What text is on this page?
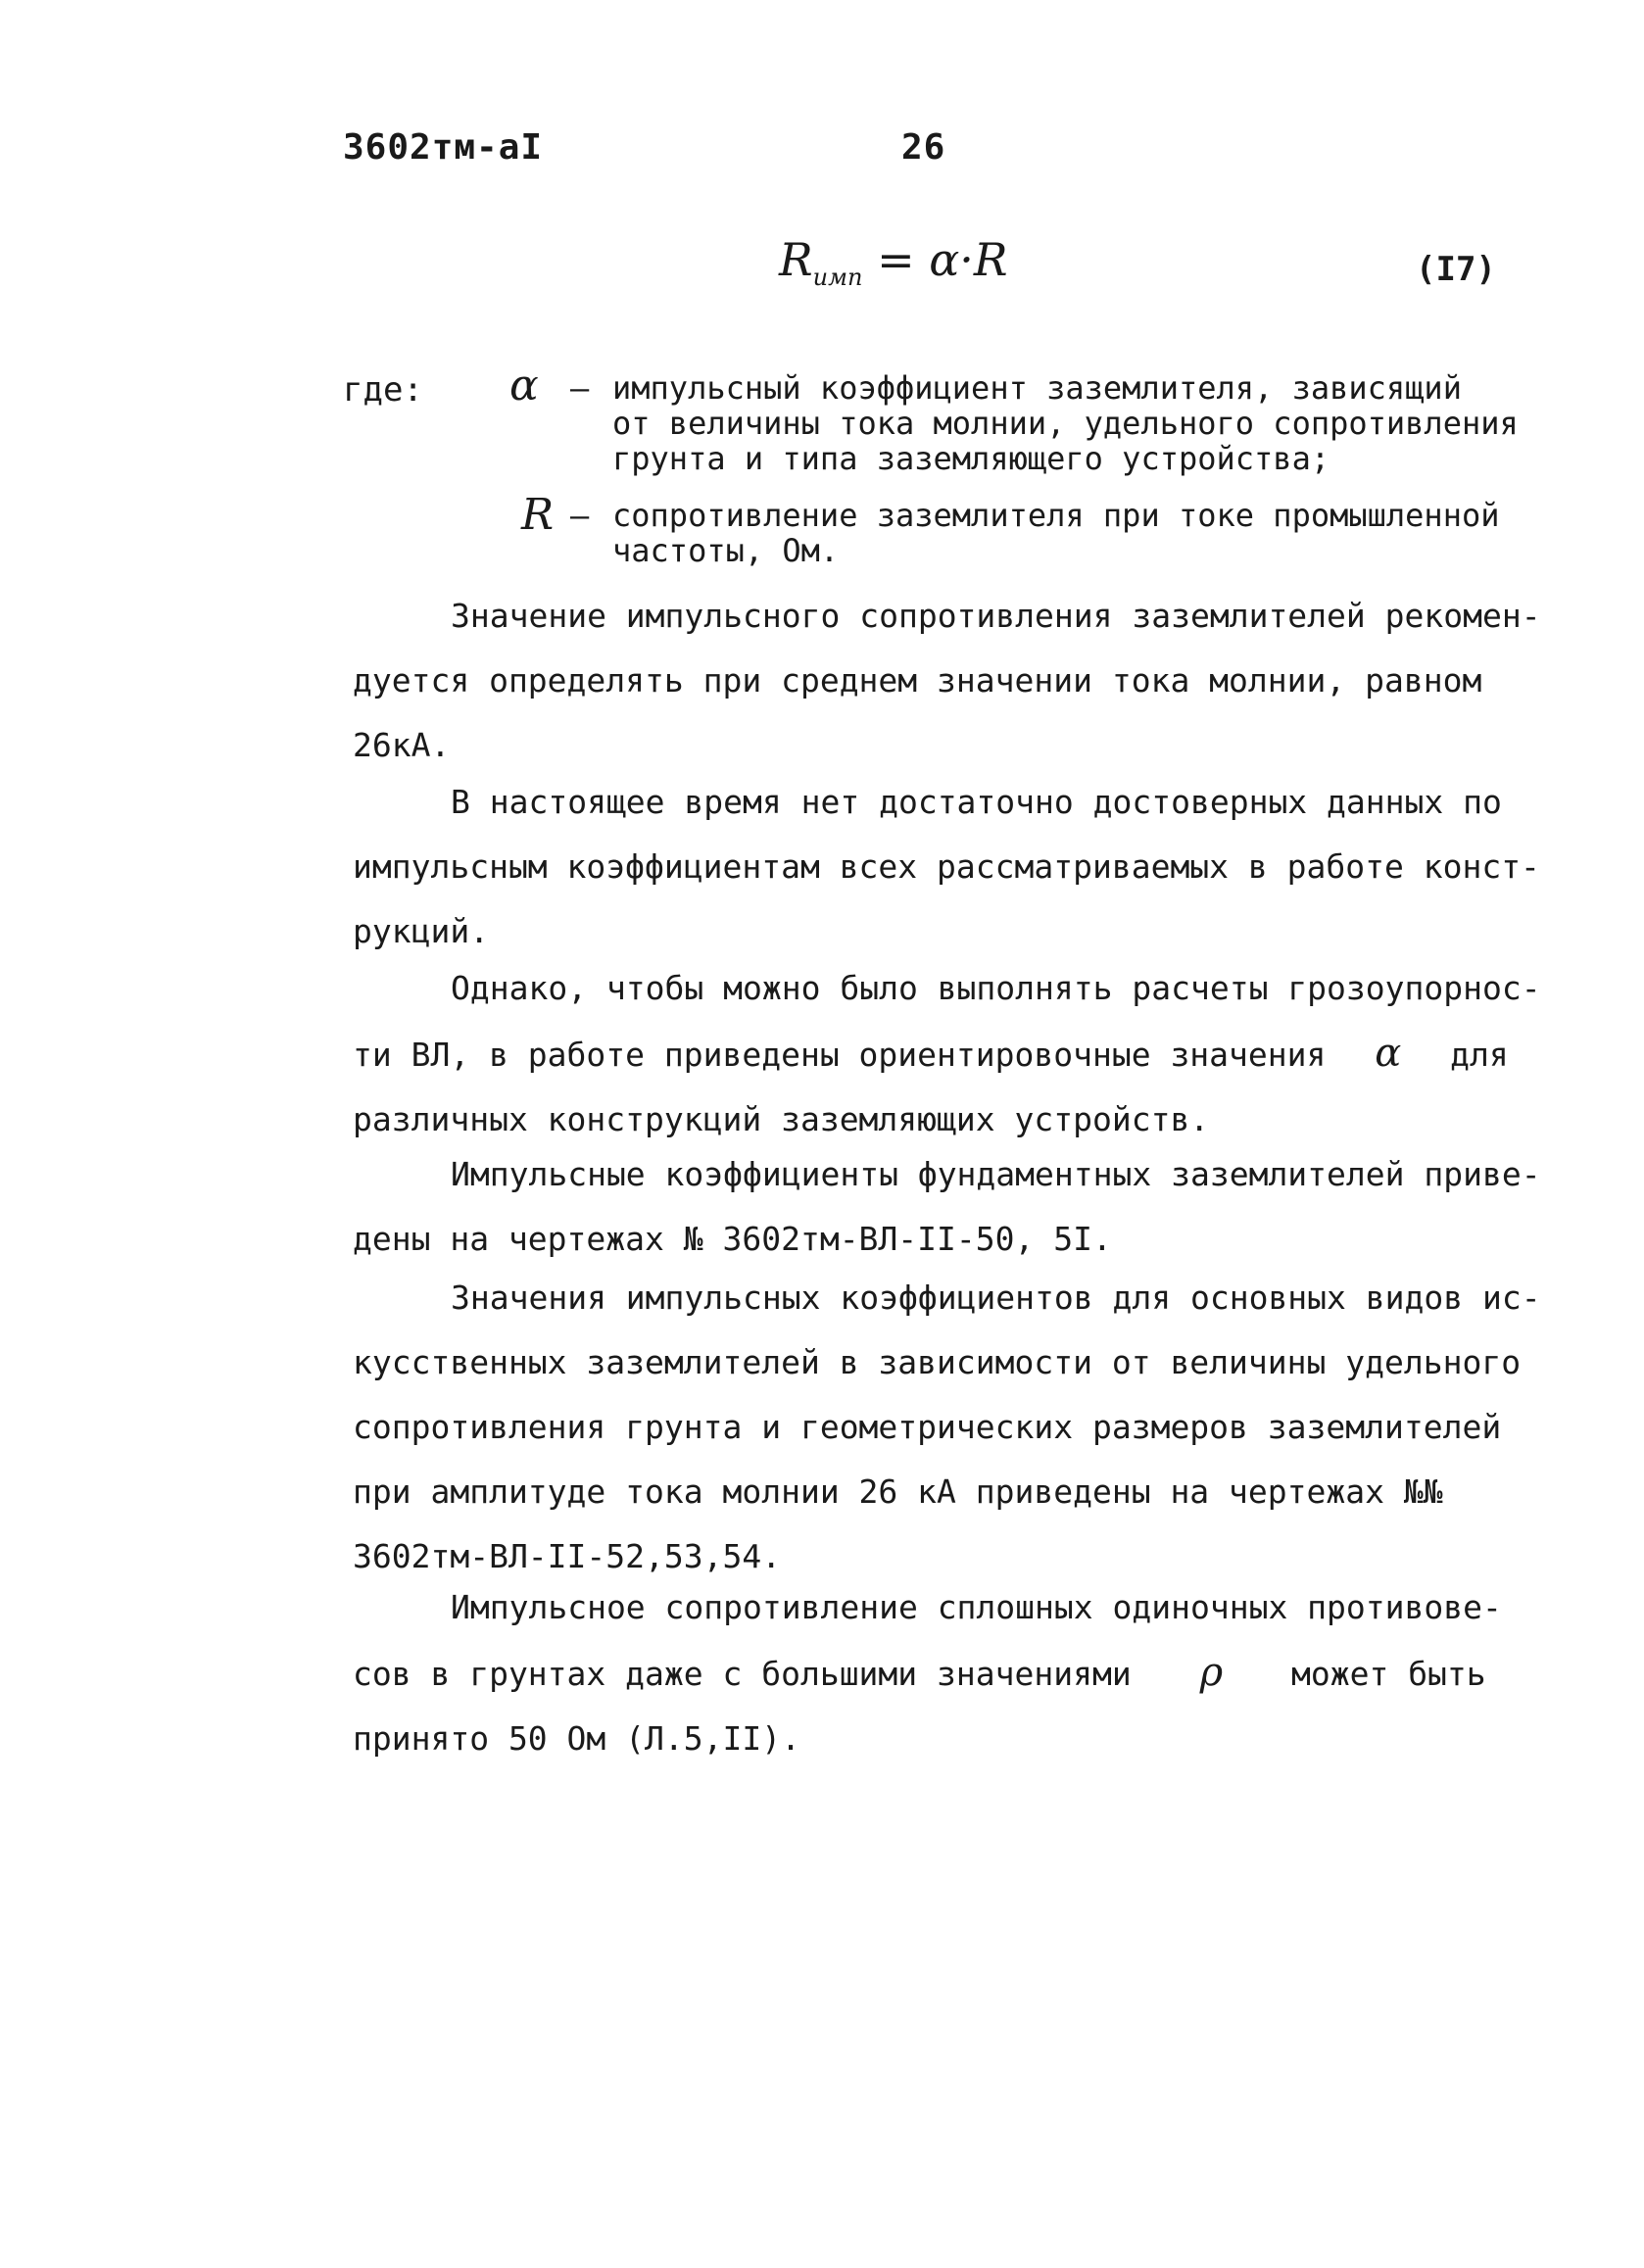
3602тм-аI	26
$R_{имп} = \alpha\cdot R$	(I7)
где: α – импульсный коэффициент заземлителя, зависящий
от величины тока молнии, удельного сопротивления
грунта и типа заземляющего устройства;
R – сопротивление заземлителя при токе промышленной
частоты, Ом.
Значение импульсного сопротивления заземлителей рекомен-
дуется определять при среднем значении тока молнии, равном
26кА.
В настоящее время нет достаточно достоверных данных по
импульсным коэффициентам всех рассматриваемых в работе конст-
рукций.
Однако, чтобы можно было выполнять расчеты грозоупорнос-
ти ВЛ, в работе приведены ориентировочные значения α для
различных конструкций заземляющих устройств.
Импульсные коэффициенты фундаментных заземлителей приве-
дены на чертежах № 3602тм-ВЛ-II-50, 5I.
Значения импульсных коэффициентов для основных видов ис-
кусственных заземлителей в зависимости от величины удельного
сопротивления грунта и геометрических размеров заземлителей
при амплитуде тока молнии 26 кА приведены на чертежах №№
3602тм-ВЛ-II-52,53,54.
Импульсное сопротивление сплошных одиночных противове-
сов в грунтах даже с большими значениями ρ может быть
принято 50 Ом (Л.5,II).
